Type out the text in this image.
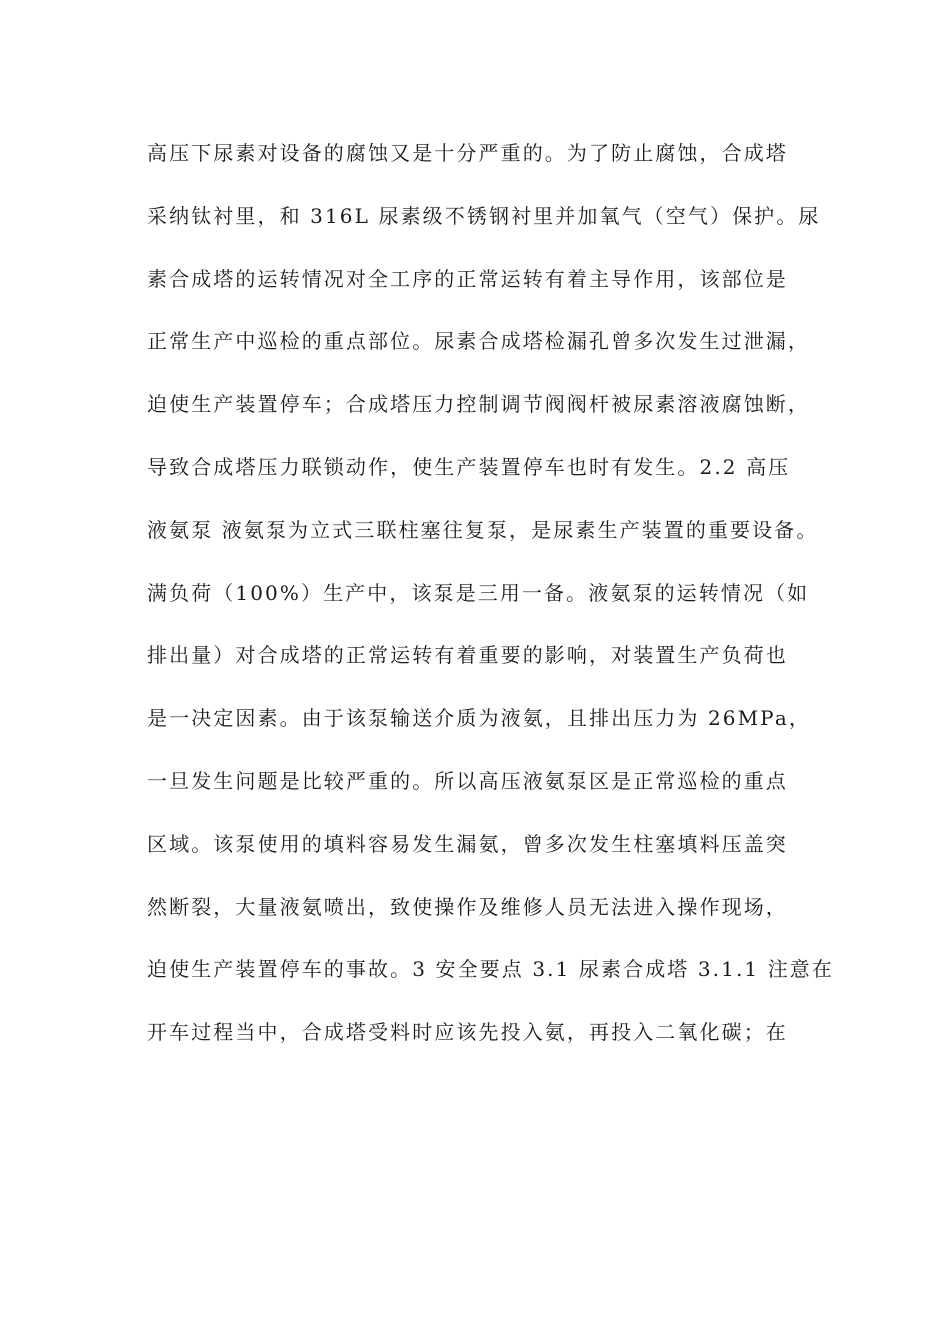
高压下尿素对设备的腐蚀又是十分严重的。为了防止腐蚀，合成塔
采纳钛衬里，和 316L 尿素级不锈钢衬里并加氧气（空气）保护。尿
素合成塔的运转情况对全工序的正常运转有着主导作用，该部位是
正常生产中巡检的重点部位。尿素合成塔检漏孔曾多次发生过泄漏，
迫使生产装置停车；合成塔压力控制调节阀阀杆被尿素溶液腐蚀断，
导致合成塔压力联锁动作，使生产装置停车也时有发生。2.2 高压
液氨泵 液氨泵为立式三联柱塞往复泵，是尿素生产装置的重要设备。
满负荷（100%）生产中，该泵是三用一备。液氨泵的运转情况（如
排出量）对合成塔的正常运转有着重要的影响，对装置生产负荷也
是一决定因素。由于该泵输送介质为液氨，且排出压力为 26MPa，
一旦发生问题是比较严重的。所以高压液氨泵区是正常巡检的重点
区域。该泵使用的填料容易发生漏氨，曾多次发生柱塞填料压盖突
然断裂，大量液氨喷出，致使操作及维修人员无法进入操作现场，
迫使生产装置停车的事故。3 安全要点 3.1 尿素合成塔 3.1.1 注意在
开车过程当中，合成塔受料时应该先投入氨，再投入二氧化碳；在
